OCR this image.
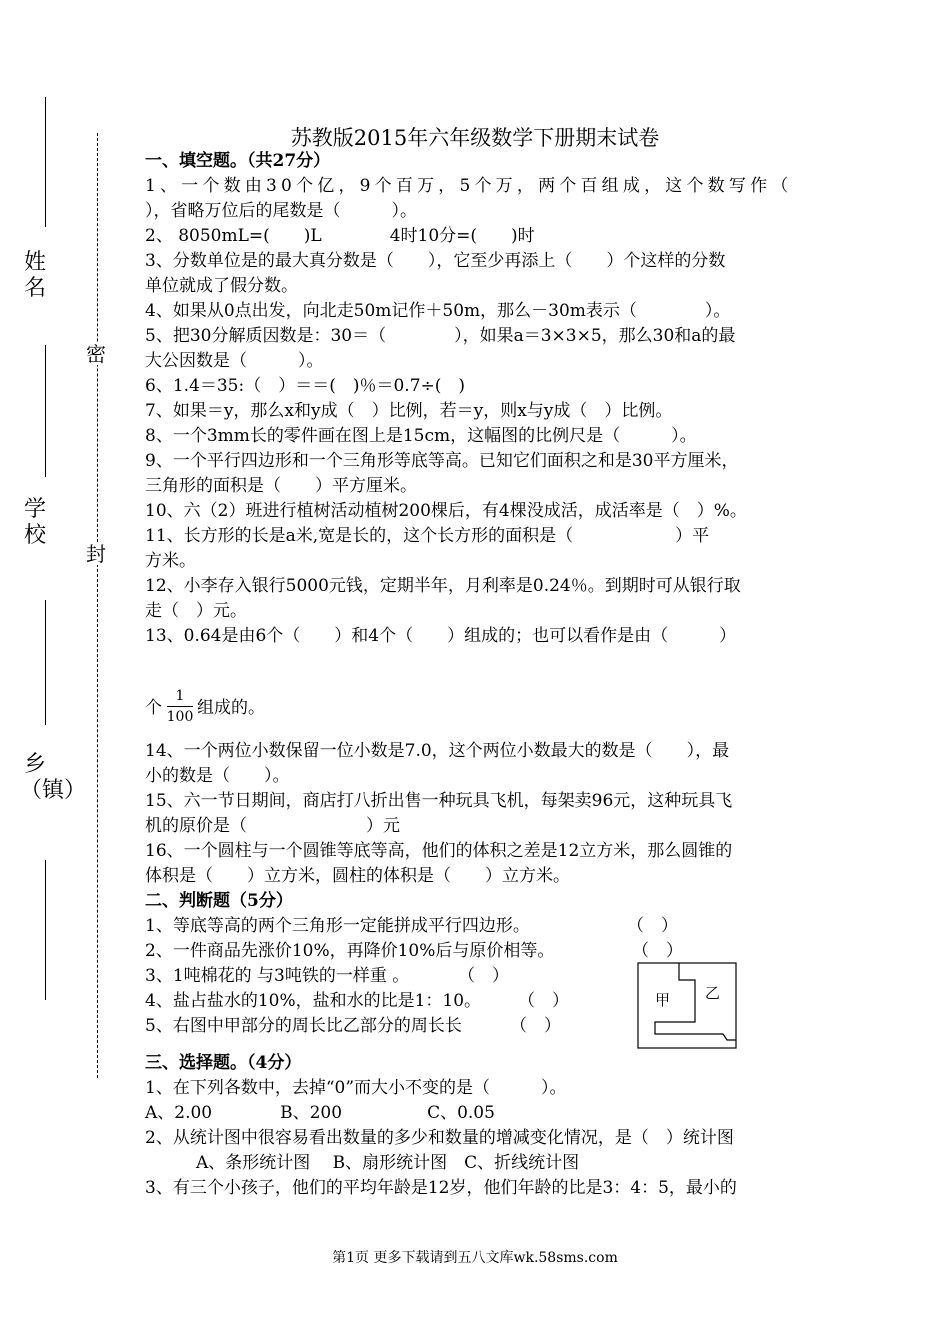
姓名
学校
乡（镇）
密
封
苏教版2015年六年级数学下册期末试卷
一、填空题。（共27分）
1、一个数由30个亿，9个百万，5个万，两个百组成，这个数写作（
），省略万位后的尾数是（　　　）。
2、 8050mL=(　　)L　　　　4时10分=(　　)时
3、分数单位是的最大真分数是（　　），它至少再添上（　　）个这样的分数
单位就成了假分数。
4、如果从0点出发，向北走50m记作＋50m，那么－30m表示（　　　　）。
5、把30分解质因数是：30＝（　　　　），如果a＝3×3×5，那么30和a的最
大公因数是（　　　）。
6、1.4＝35:（　）＝＝(　)％＝0.7÷(　)
7、如果＝y，那么x和y成（　）比例，若＝y，则x与y成（　）比例。
8、一个3mm长的零件画在图上是15cm，这幅图的比例尺是（　　　）。
9、一个平行四边形和一个三角形等底等高。已知它们面积之和是30平方厘米，
三角形的面积是（　　）平方厘米。
10、六（2）班进行植树活动植树200棵后，有4棵没成活，成活率是（　）%。
11、长方形的长是a米,宽是长的，这个长方形的面积是（　　　　　　）平
方米。
12、小李存入银行5000元钱，定期半年，月利率是0.24％。到期时可从银行取
走（　）元。
13、0.64是由6个（　　）和4个（　　）组成的；也可以看作是由（　　　）
个
1
100 组成的。
14、一个两位小数保留一位小数是7.0，这个两位小数最大的数是（　　），最
小的数是（　　）。
15、六一节日期间，商店打八折出售一种玩具飞机，每架卖96元，这种玩具飞
机的原价是（　　　　　　　）元
16、一个圆柱与一个圆锥等底等高，他们的体积之差是12立方米，那么圆锥的
体积是（　　）立方米，圆柱的体积是（　　）立方米。
二、判断题（5分）
1、等底等高的两个三角形一定能拼成平行四边形。	（　）
2、一件商品先涨价10%，再降价10%后与原价相等。	（　）
3、1吨棉花的 与3吨铁的一样重 。	（　）
4、盐占盐水的10%，盐和水的比是1：10。 （　）
5、右图中甲部分的周长比乙部分的周长长	（　）
三、选择题。（4分）
1、在下列各数中，去掉“0”而大小不变的是（　　　）。
A、2.00　　　　B、200　　　　　C、0.05
2、从统计图中很容易看出数量的多少和数量的增减变化情况，是（　）统计图
　　　A、条形统计图　 B、扇形统计图　C、折线统计图
3、有三个小孩子，他们的平均年龄是12岁，他们年龄的比是3：4：5，最小的
甲 乙
第1页 更多下载请到五八文库wk.58sms.com
